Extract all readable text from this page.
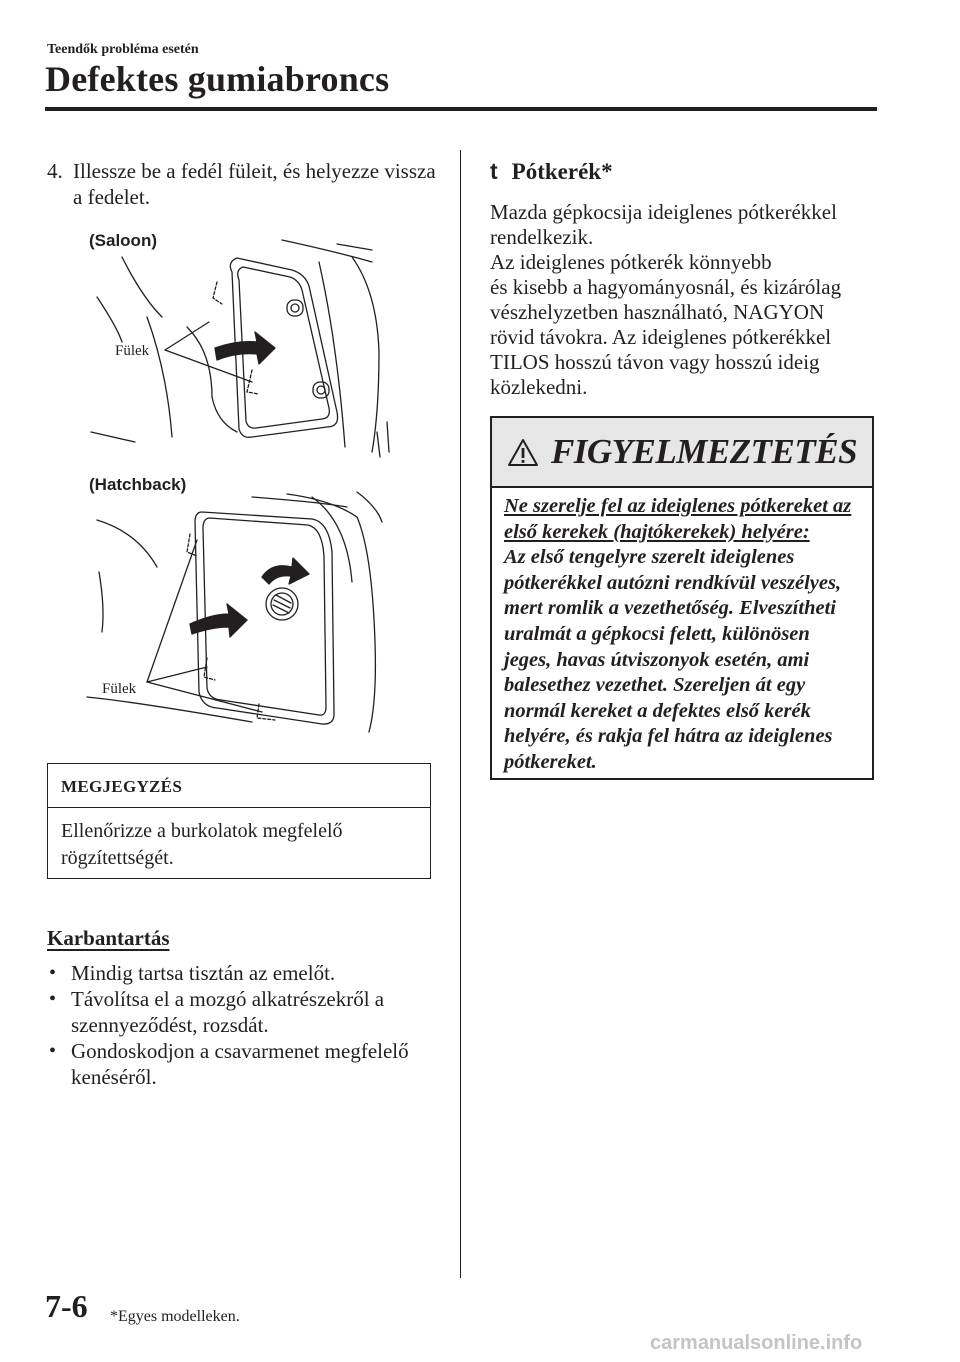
Teendők probléma esetén
Defektes gumiabroncs
4. Illessze be a fedél füleit, és helyezze vissza a fedelet.
(Saloon)
Fülek
(Hatchback)
Fülek
MEGJEGYZÉS
Ellenőrizze a burkolatok megfelelő rögzítettségét.
Karbantartás
• Mindig tartsa tisztán az emelőt.
• Távolítsa el a mozgó alkatrészekről a szennyeződést, rozsdát.
• Gondoskodjon a csavarmenet megfelelő kenéséről.
t Pótkerék*
Mazda gépkocsija ideiglenes pótkerékkel
rendelkezik.
Az ideiglenes pótkerék könnyebb
és kisebb a hagyományosnál, és kizárólag
vészhelyzetben használható, NAGYON
rövid távokra. Az ideiglenes pótkerékkel
TILOS hosszú távon vagy hosszú ideig
közlekedni.
FIGYELMEZTETÉS
Ne szerelje fel az ideiglenes pótkereket az első kerekek (hajtókerekek) helyére:
Az első tengelyre szerelt ideiglenes pótkerékkel autózni rendkívül veszélyes, mert romlik a vezethetőség. Elveszítheti uralmát a gépkocsi felett, különösen jeges, havas útviszonyok esetén, ami balesethez vezethet. Szereljen át egy normál kereket a defektes első kerék helyére, és rakja fel hátra az ideiglenes pótkereket.
7-6 *Egyes modelleken.
carmanualsonline.info
